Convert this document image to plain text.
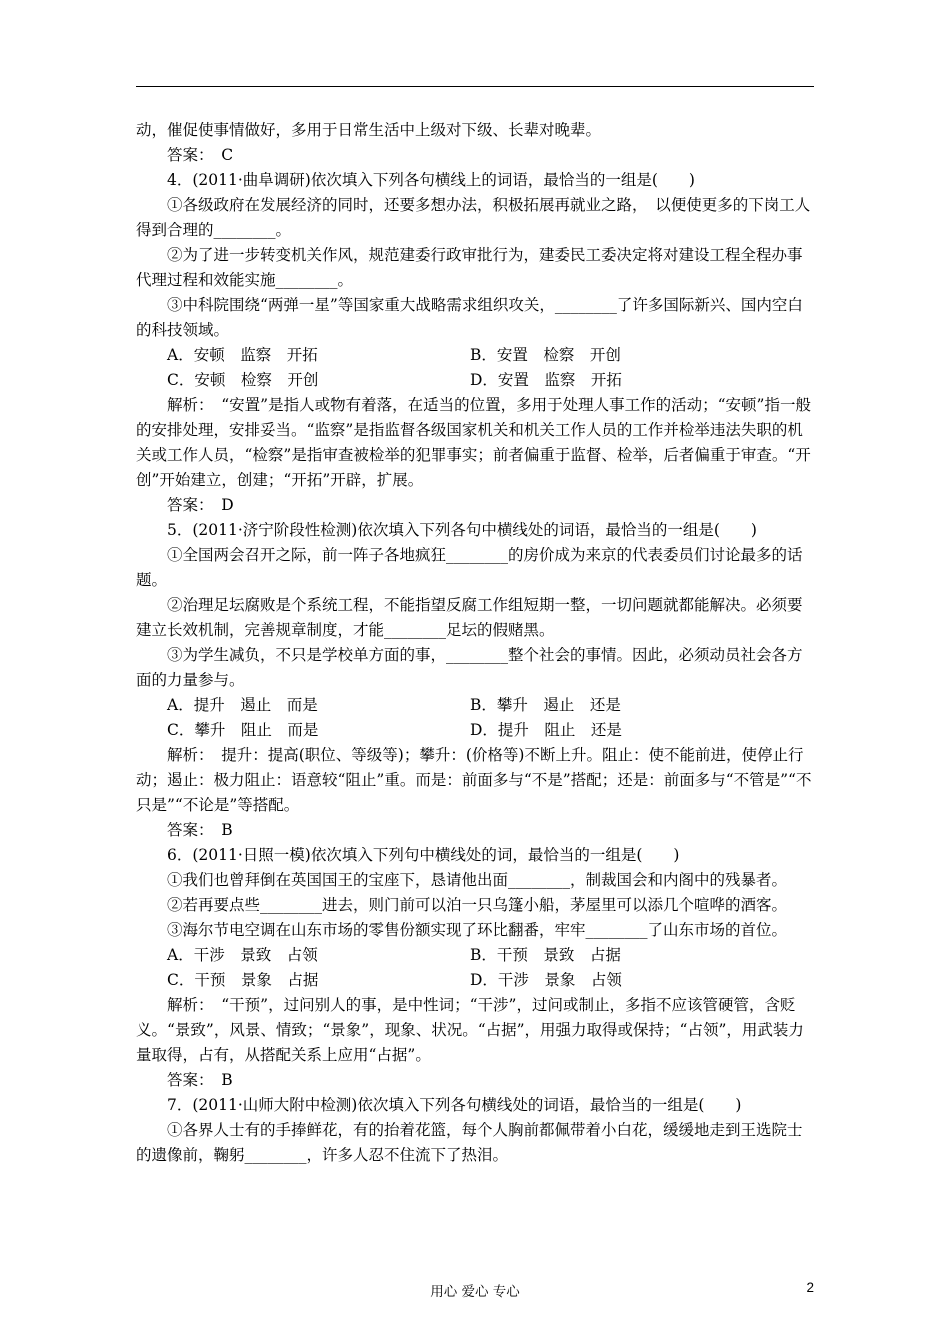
动，催促使事情做好，多用于日常生活中上级对下级、长辈对晚辈。

答案：　C

4．(2011·曲阜调研)依次填入下列各句横线上的词语，最恰当的一组是(　　)

①各级政府在发展经济的同时，还要多想办法，积极拓展再就业之路，　以便使更多的下岗工人得到合理的________。

②为了进一步转变机关作风，规范建委行政审批行为，建委民工委决定将对建设工程全程办事代理过程和效能实施________。

③中科院围绕“两弹一星”等国家重大战略需求组织攻关，________了许多国际新兴、国内空白的科技领域。

A．安顿　监察　开拓	B．安置　检察　开创
C．安顿　检察　开创	D．安置　监察　开拓

解析：　“安置”是指人或物有着落，在适当的位置，多用于处理人事工作的活动；“安顿”指一般的安排处理，安排妥当。“监察”是指监督各级国家机关和机关工作人员的工作并检举违法失职的机关或工作人员，“检察”是指审查被检举的犯罪事实；前者偏重于监督、检举，后者偏重于审查。“开创”开始建立，创建；“开拓”开辟，扩展。

答案：　D

5．(2011·济宁阶段性检测)依次填入下列各句中横线处的词语，最恰当的一组是(　　)

①全国两会召开之际，前一阵子各地疯狂________的房价成为来京的代表委员们讨论最多的话题。

②治理足坛腐败是个系统工程，不能指望反腐工作组短期一整，一切问题就都能解决。必须要建立长效机制，完善规章制度，才能________足坛的假赌黑。

③为学生减负，不只是学校单方面的事，________整个社会的事情。因此，必须动员社会各方面的力量参与。

A．提升　遏止　而是	B．攀升　遏止　还是
C．攀升　阻止　而是	D．提升　阻止　还是

解析：　提升：提高(职位、等级等)；攀升：(价格等)不断上升。阻止：使不能前进，使停止行动；遏止：极力阻止：语意较“阻止”重。而是：前面多与“不是”搭配；还是：前面多与“不管是”“不只是”“不论是”等搭配。

答案：　B

6．(2011·日照一模)依次填入下列句中横线处的词，最恰当的一组是(　　)

①我们也曾拜倒在英国国王的宝座下，恳请他出面________，制裁国会和内阁中的残暴者。

②若再要点些________进去，则门前可以泊一只乌篷小船，茅屋里可以添几个喧哗的酒客。

③海尔节电空调在山东市场的零售份额实现了环比翻番，牢牢________了山东市场的首位。

A．干涉　景致　占领	B．干预　景致　占据
C．干预　景象　占据	D．干涉　景象　占领

解析：　“干预”，过问别人的事，是中性词；“干涉”，过问或制止，多指不应该管硬管，含贬义。“景致”，风景、情致；“景象”，现象、状况。“占据”，用强力取得或保持；“占领”，用武装力量取得，占有，从搭配关系上应用“占据”。

答案：　B

7．(2011·山师大附中检测)依次填入下列各句横线处的词语，最恰当的一组是(　　)

①各界人士有的手捧鲜花，有的抬着花篮，每个人胸前都佩带着小白花，缓缓地走到王选院士的遗像前，鞠躬________，许多人忍不住流下了热泪。

用心 爱心 专心	2
